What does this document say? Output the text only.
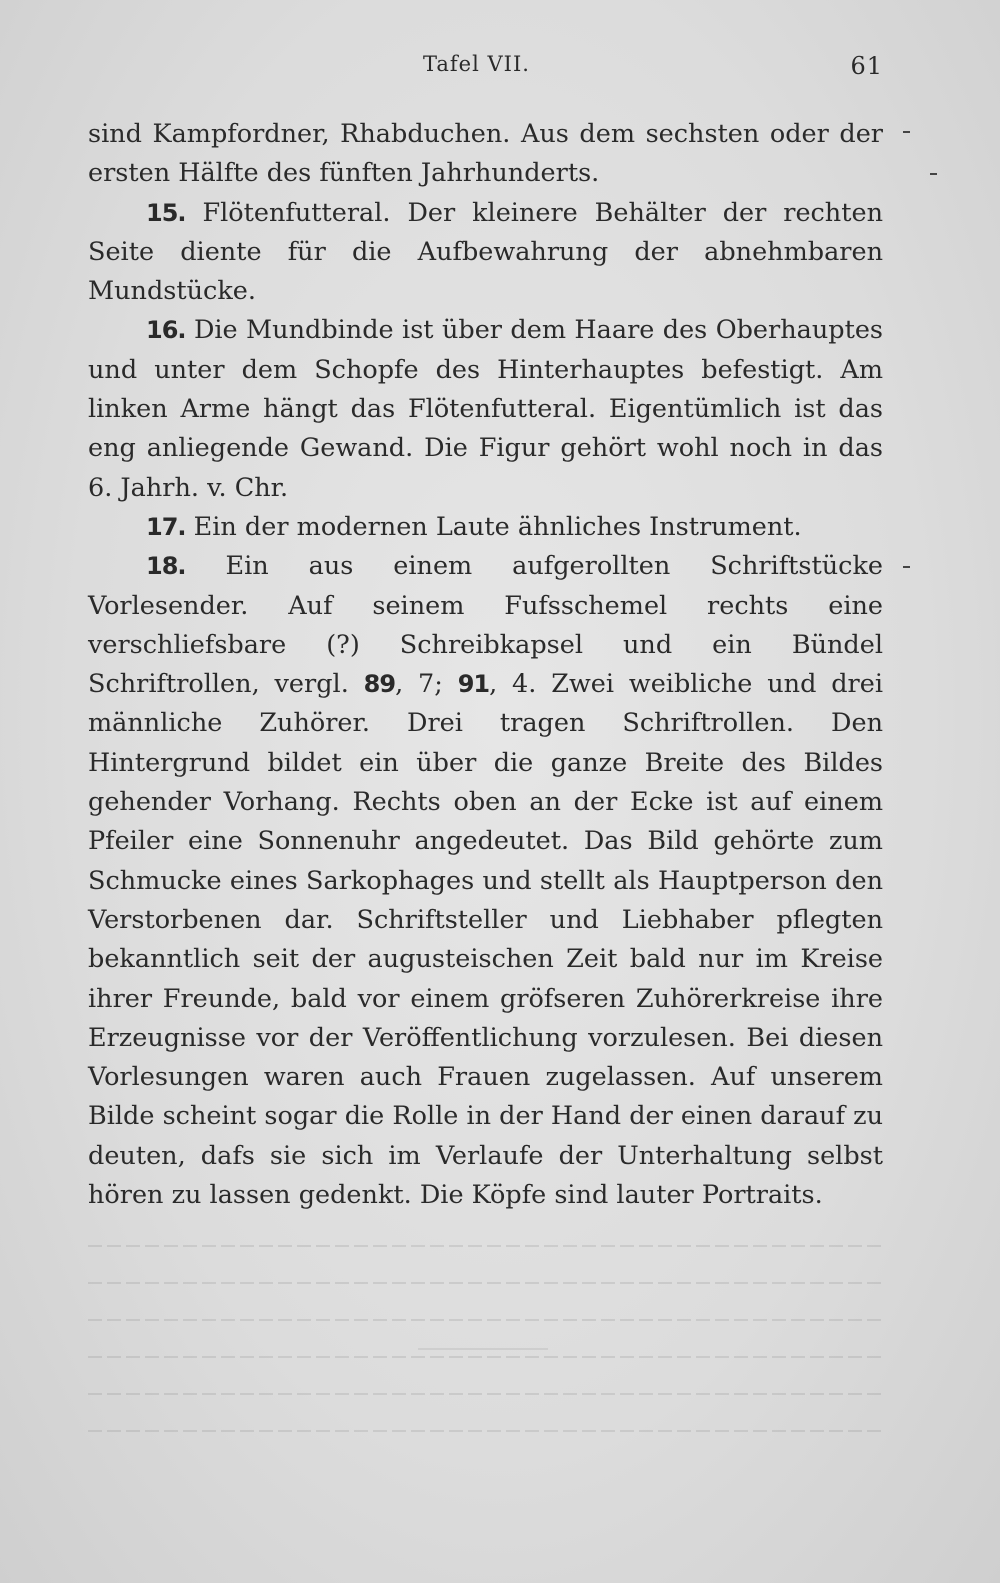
Tafel VII.	61

sind Kampfordner, Rhabduchen. Aus dem sechsten oder der ersten Hälfte des fünften Jahrhunderts.

15. Flötenfutteral. Der kleinere Behälter der rechten Seite diente für die Aufbewahrung der abnehmbaren Mundstücke.

16. Die Mundbinde ist über dem Haare des Oberhauptes und unter dem Schopfe des Hinterhauptes befestigt. Am linken Arme hängt das Flötenfutteral. Eigentümlich ist das eng anliegende Gewand. Die Figur gehört wohl noch in das 6. Jahrh. v. Chr.

17. Ein der modernen Laute ähnliches Instrument.

18. Ein aus einem aufgerollten Schriftstücke Vorlesender. Auf seinem Fufsschemel rechts eine verschliefsbare (?) Schreibkapsel und ein Bündel Schriftrollen, vergl. 89, 7; 91, 4. Zwei weibliche und drei männliche Zuhörer. Drei tragen Schriftrollen. Den Hintergrund bildet ein über die ganze Breite des Bildes gehender Vorhang. Rechts oben an der Ecke ist auf einem Pfeiler eine Sonnenuhr angedeutet. Das Bild gehörte zum Schmucke eines Sarkophages und stellt als Hauptperson den Verstorbenen dar. Schriftsteller und Liebhaber pflegten bekanntlich seit der augusteischen Zeit bald nur im Kreise ihrer Freunde, bald vor einem gröfseren Zuhörerkreise ihre Erzeugnisse vor der Veröffentlichung vorzulesen. Bei diesen Vorlesungen waren auch Frauen zugelassen. Auf unserem Bilde scheint sogar die Rolle in der Hand der einen darauf zu deuten, dafs sie sich im Verlaufe der Unterhaltung selbst hören zu lassen gedenkt. Die Köpfe sind lauter Portraits.
